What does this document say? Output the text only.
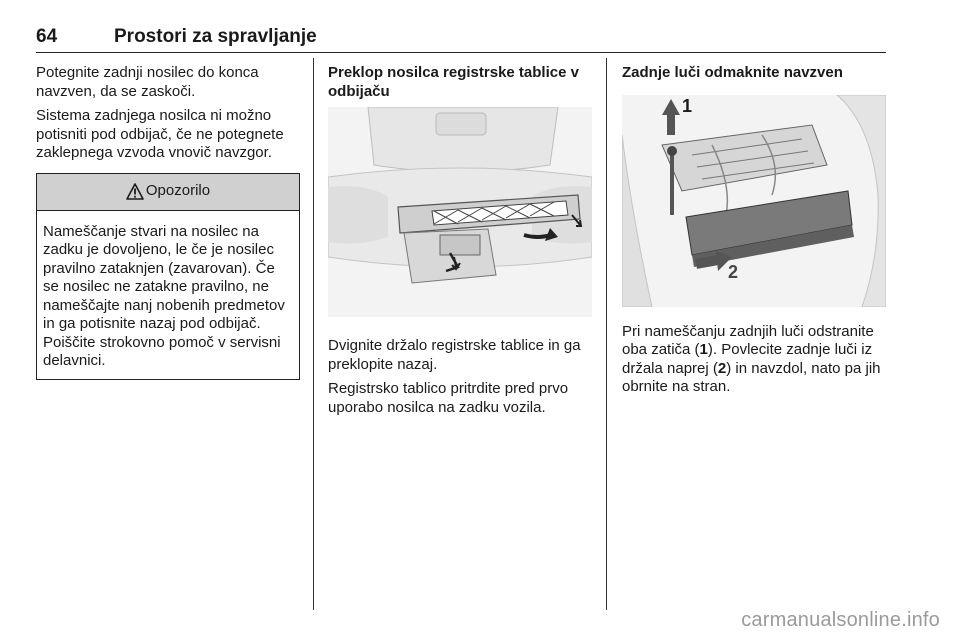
64	Prostori za spravljanje

Potegnite zadnji nosilec do konca navzven, da se zaskoči.

Sistema zadnjega nosilca ni možno potisniti pod odbijač, če ne potegnete zaklepnega vzvoda vnovič navzgor.

Opozorilo
Nameščanje stvari na nosilec na zadku je dovoljeno, le če je nosilec pravilno zataknjen (zavarovan). Če se nosilec ne zatakne pravilno, ne nameščajte nanj nobenih predmetov in ga potisnite nazaj pod odbijač. Poiščite strokovno pomoč v servisni delavnici.

Preklop nosilca registrske tablice v odbijaču

Dvignite držalo registrske tablice in ga preklopite nazaj.

Registrsko tablico pritrdite pred prvo uporabo nosilca na zadku vozila.

Zadnje luči odmaknite navzven

1

Pri nameščanju zadnjih luči odstranite oba zatiča (1). Povlecite zadnje luči iz držala naprej (2) in navzdol, nato pa jih obrnite na stran.

2
carmanualsonline.info
